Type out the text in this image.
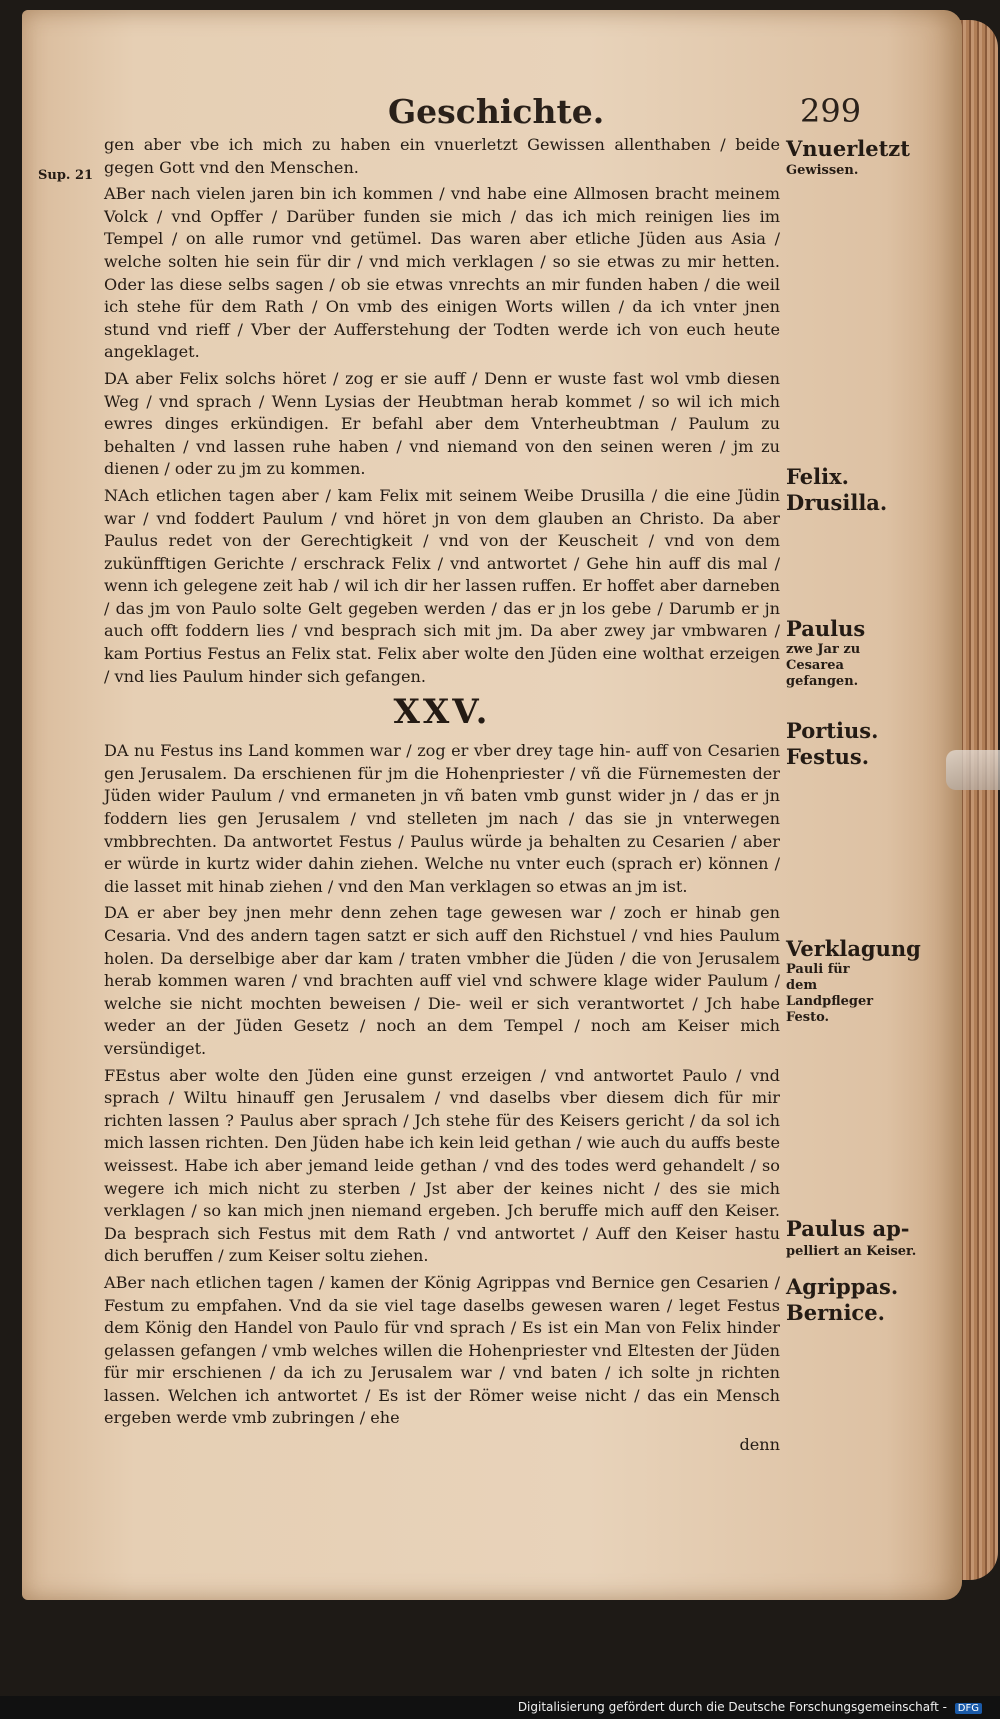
Geschichte.	299
Sup. 21

gen aber vbe ich mich zu haben ein vnuerletzt Gewissen allenthaben / beide gegen Gott vnd den Menschen.

ABer nach vielen jaren bin ich kommen / vnd habe eine Allmosen bracht meinem Volck / vnd Opffer / Darüber funden sie mich / das ich mich reinigen lies im Tempel / on alle rumor vnd getümel. Das waren aber etliche Jüden aus Asia / welche solten hie sein für dir / vnd mich verklagen / so sie etwas zu mir hetten. Oder las diese selbs sagen / ob sie etwas vnrechts an mir funden haben / die weil ich stehe für dem Rath / On vmb des einigen Worts willen / da ich vnter jnen stund vnd rieff / Vber der Aufferstehung der Todten werde ich von euch heute angeklaget.

DA aber Felix solchs höret / zog er sie auff / Denn er wuste fast wol vmb diesen Weg / vnd sprach / Wenn Lysias der Heubtman herab kommet / so wil ich mich ewres dinges erkündigen. Er befahl aber dem Vnterheubtman / Paulum zu behalten / vnd lassen ruhe haben / vnd niemand von den seinen weren / jm zu dienen / oder zu jm zu kommen.

NAch etlichen tagen aber / kam Felix mit seinem Weibe Drusilla / die eine Jüdin war / vnd foddert Paulum / vnd höret jn von dem glauben an Christo. Da aber Paulus redet von der Gerechtigkeit / vnd von der Keuscheit / vnd von dem zukünfftigen Gerichte / erschrack Felix / vnd antwortet / Gehe hin auff dis mal / wenn ich gelegene zeit hab / wil ich dir her lassen ruffen. Er hoffet aber darneben / das jm von Paulo solte Gelt gegeben werden / das er jn los gebe / Darumb er jn auch offt foddern lies / vnd besprach sich mit jm. Da aber zwey jar vmbwaren / kam Portius Festus an Felix stat. Felix aber wolte den Jüden eine wolthat erzeigen / vnd lies Paulum hinder sich gefangen.

XXV.

DA nu Festus ins Land kommen war / zog er vber drey tage hin- auff von Cesarien gen Jerusalem. Da erschienen für jm die Hohenpriester / vñ die Fürnemesten der Jüden wider Paulum / vnd ermaneten jn vñ baten vmb gunst wider jn / das er jn foddern lies gen Jerusalem / vnd stelleten jm nach / das sie jn vnterwegen vmbbrechten. Da antwortet Festus / Paulus würde ja behalten zu Cesarien / aber er würde in kurtz wider dahin ziehen. Welche nu vnter euch (sprach er) können / die lasset mit hinab ziehen / vnd den Man verklagen so etwas an jm ist.

DA er aber bey jnen mehr denn zehen tage gewesen war / zoch er hinab gen Cesaria. Vnd des andern tagen satzt er sich auff den Richstuel / vnd hies Paulum holen. Da derselbige aber dar kam / traten vmbher die Jüden / die von Jerusalem herab kommen waren / vnd brachten auff viel vnd schwere klage wider Paulum / welche sie nicht mochten beweisen / Die- weil er sich verantwortet / Jch habe weder an der Jüden Gesetz / noch an dem Tempel / noch am Keiser mich versündiget.

FEstus aber wolte den Jüden eine gunst erzeigen / vnd antwortet Paulo / vnd sprach / Wiltu hinauff gen Jerusalem / vnd daselbs vber diesem dich für mir richten lassen ? Paulus aber sprach / Jch stehe für des Keisers gericht / da sol ich mich lassen richten. Den Jüden habe ich kein leid gethan / wie auch du auffs beste weissest. Habe ich aber jemand leide gethan / vnd des todes werd gehandelt / so wegere ich mich nicht zu sterben / Jst aber der keines nicht / des sie mich verklagen / so kan mich jnen niemand ergeben. Jch beruffe mich auff den Keiser. Da besprach sich Festus mit dem Rath / vnd antwortet / Auff den Keiser hastu dich beruffen / zum Keiser soltu ziehen.

ABer nach etlichen tagen / kamen der König Agrippas vnd Bernice gen Cesarien / Festum zu empfahen. Vnd da sie viel tage daselbs gewesen waren / leget Festus dem König den Handel von Paulo für vnd sprach / Es ist ein Man von Felix hinder gelassen gefangen / vmb welches willen die Hohenpriester vnd Eltesten der Jüden für mir erschienen / da ich zu Jerusalem war / vnd baten / ich solte jn richten lassen. Welchen ich antwortet / Es ist der Römer weise nicht / das ein Mensch ergeben werde vmb zubringen / ehe

denn
Vnuerletzt
Gewissen.
Felix.
Drusilla.
Paulus
zwe Jar zu Cesarea gefangen.
Portius.
Festus.
Verklagung
Pauli für dem Landpfleger Festo.
Paulus ap-
pelliert an Keiser.
Agrippas.
Bernice.
Digitalisierung gefördert durch die Deutsche Forschungsgemeinschaft - DFG
